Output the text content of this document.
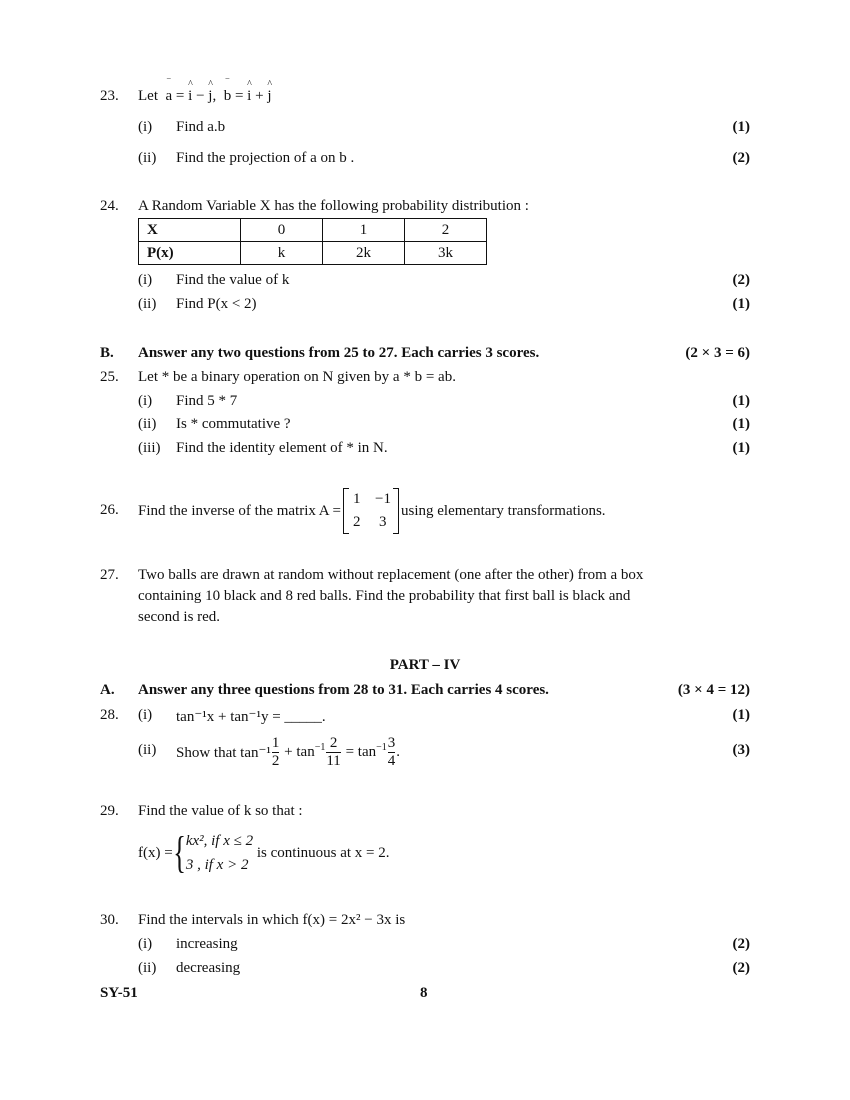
23. Let a
‾
= i
^
− j
^
,  b
‾
= i
^
+ j
^
(i) Find a.b	(1)
(ii) Find the projection of a on b .	(2)
24. A Random Variable X has the following probability distribution :
X	0	1	2
P(x)	k	2k	3k
(i) Find the value of k	(2)
(ii) Find P(x < 2)	(1)
B. Answer any two questions from 25 to 27. Each carries 3 scores.	(2 × 3 = 6)
25. Let * be a binary operation on N given by a * b = ab.
(i) Find 5 * 7	(1)
(ii) Is * commutative ?	(1)
(iii) Find the identity element of * in N.	(1)
26. Find the inverse of the matrix A =
1 −1
2 3
using elementary transformations.
27. Two balls are drawn at random without replacement (one after the other) from a box
containing 10 black and 8 red balls. Find the probability that first ball is black and
second is red.
PART – IV
A. Answer any three questions from 28 to 31. Each carries 4 scores.	(3 × 4 = 12)
28. (i) tan⁻¹x + tan⁻¹y = _____.	(1)
(ii) Show that $\tan^{-1} \frac{1}{2} + \tan^{-1} \frac{2}{11} = \tan^{-1} \frac{3}{4}$ .	(3)
29. Find the value of k so that :
f(x) = { kx², if x ≤ 2
3 , if x > 2

is continuous at x = 2.
30. Find the intervals in which f(x) = 2x² − 3x is
(i) increasing	(2)
(ii) decreasing	(2)
SY-51	8
